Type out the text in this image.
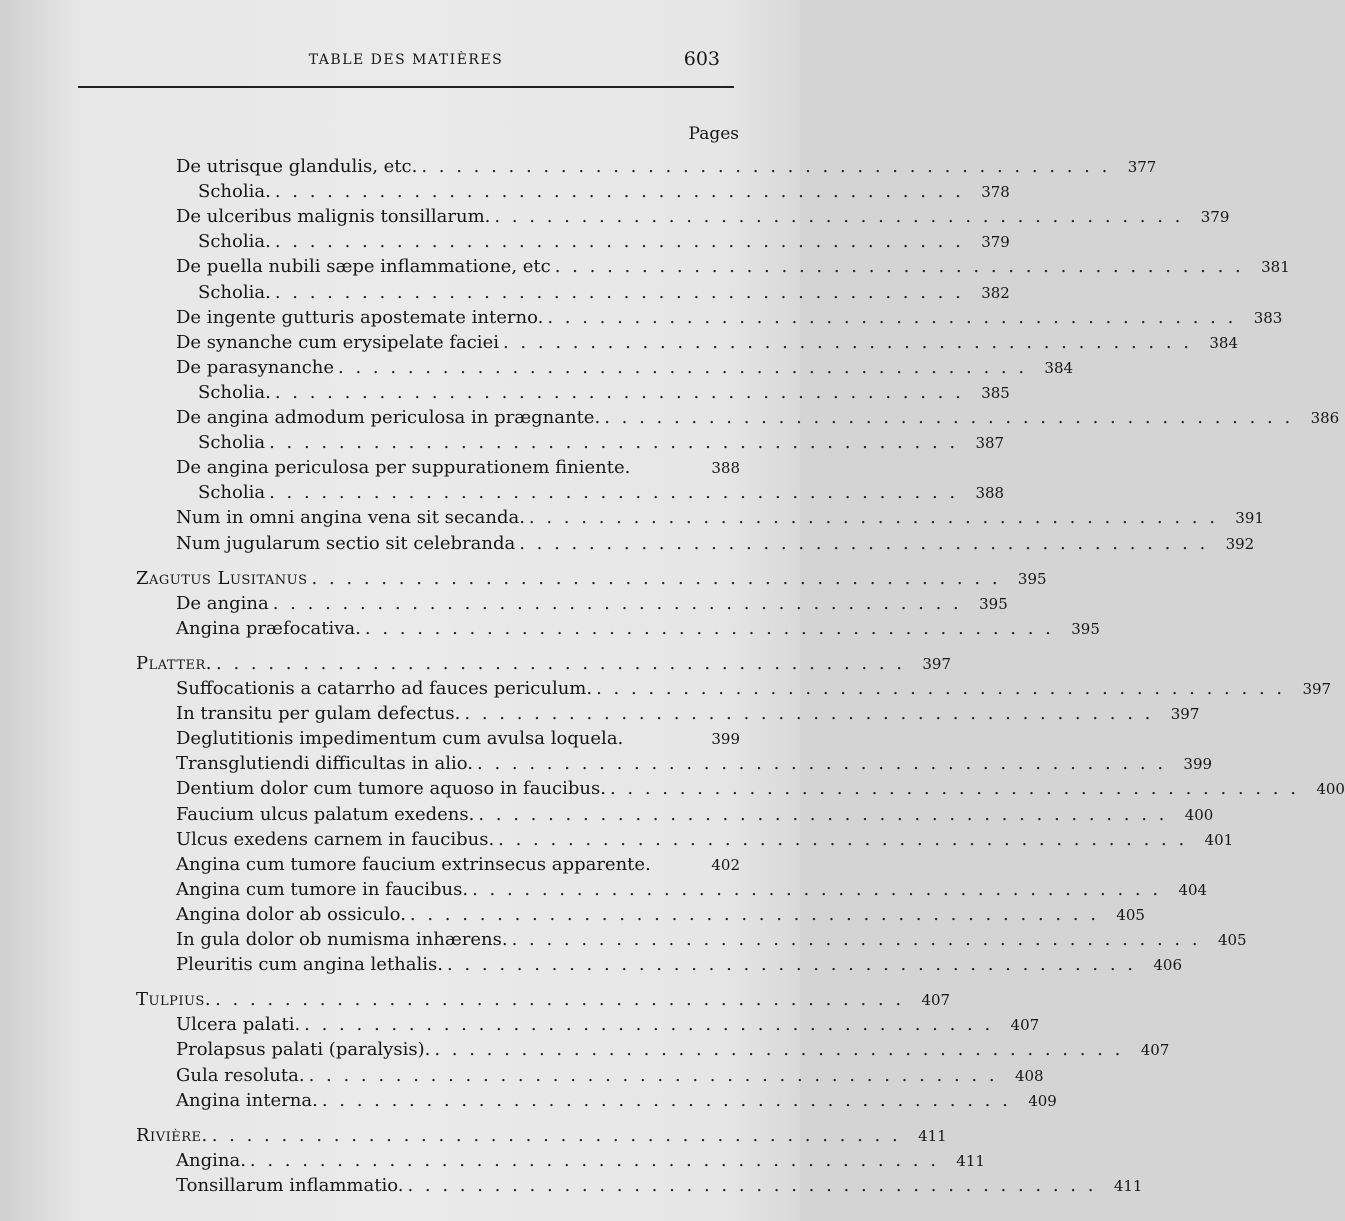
TABLE DES MATIÈRES	603
Pages
De utrisque glandulis, etc. . . . . . . . . . . . . . . . . . . . . . . . . . . . . . . . . . . . . . . . .	377
Scholia. . . . . . . . . . . . . . . . . . . . . . . . . . . . . . . . . . . . . . . . .	378
De ulceribus malignis tonsillarum. . . . . . . . . . . . . . . . . . . . . . . . . . . . . . . . . . . . . . . . .	379
Scholia. . . . . . . . . . . . . . . . . . . . . . . . . . . . . . . . . . . . . . . . .	379
De puella nubili sæpe inflammatione, etc . . . . . . . . . . . . . . . . . . . . . . . . . . . . . . . . . . . . . . . .	381
Scholia. . . . . . . . . . . . . . . . . . . . . . . . . . . . . . . . . . . . . . . . .	382
De ingente gutturis apostemate interno. . . . . . . . . . . . . . . . . . . . . . . . . . . . . . . . . . . . . . . . .	383
De synanche cum erysipelate faciei . . . . . . . . . . . . . . . . . . . . . . . . . . . . . . . . . . . . . . . .	384
De parasynanche . . . . . . . . . . . . . . . . . . . . . . . . . . . . . . . . . . . . . . . .	384
Scholia. . . . . . . . . . . . . . . . . . . . . . . . . . . . . . . . . . . . . . . . .	385
De angina admodum periculosa in prægnante. . . . . . . . . . . . . . . . . . . . . . . . . . . . . . . . . . . . . . . . .	386
Scholia . . . . . . . . . . . . . . . . . . . . . . . . . . . . . . . . . . . . . . . .	387
De angina periculosa per suppurationem finiente.	388
Scholia . . . . . . . . . . . . . . . . . . . . . . . . . . . . . . . . . . . . . . . .	388
Num in omni angina vena sit secanda. . . . . . . . . . . . . . . . . . . . . . . . . . . . . . . . . . . . . . . . .	391
Num jugularum sectio sit celebranda . . . . . . . . . . . . . . . . . . . . . . . . . . . . . . . . . . . . . . . .	392
Zagutus Lusitanus . . . . . . . . . . . . . . . . . . . . . . . . . . . . . . . . . . . . . . . .	395
De angina . . . . . . . . . . . . . . . . . . . . . . . . . . . . . . . . . . . . . . . .	395
Angina præfocativa. . . . . . . . . . . . . . . . . . . . . . . . . . . . . . . . . . . . . . . . .	395
Platter. . . . . . . . . . . . . . . . . . . . . . . . . . . . . . . . . . . . . . . . .	397
Suffocationis a catarrho ad fauces periculum. . . . . . . . . . . . . . . . . . . . . . . . . . . . . . . . . . . . . . . . .	397
In transitu per gulam defectus. . . . . . . . . . . . . . . . . . . . . . . . . . . . . . . . . . . . . . . . .	397
Deglutitionis impedimentum cum avulsa loquela.	399
Transglutiendi difficultas in alio. . . . . . . . . . . . . . . . . . . . . . . . . . . . . . . . . . . . . . . . .	399
Dentium dolor cum tumore aquoso in faucibus. . . . . . . . . . . . . . . . . . . . . . . . . . . . . . . . . . . . . . . . .	400
Faucium ulcus palatum exedens. . . . . . . . . . . . . . . . . . . . . . . . . . . . . . . . . . . . . . . . .	400
Ulcus exedens carnem in faucibus. . . . . . . . . . . . . . . . . . . . . . . . . . . . . . . . . . . . . . . . .	401
Angina cum tumore faucium extrinsecus apparente.	402
Angina cum tumore in faucibus. . . . . . . . . . . . . . . . . . . . . . . . . . . . . . . . . . . . . . . . .	404
Angina dolor ab ossiculo. . . . . . . . . . . . . . . . . . . . . . . . . . . . . . . . . . . . . . . . .	405
In gula dolor ob numisma inhærens. . . . . . . . . . . . . . . . . . . . . . . . . . . . . . . . . . . . . . . . .	405
Pleuritis cum angina lethalis. . . . . . . . . . . . . . . . . . . . . . . . . . . . . . . . . . . . . . . . .	406
Tulpius. . . . . . . . . . . . . . . . . . . . . . . . . . . . . . . . . . . . . . . . .	407
Ulcera palati. . . . . . . . . . . . . . . . . . . . . . . . . . . . . . . . . . . . . . . . .	407
Prolapsus palati (paralysis). . . . . . . . . . . . . . . . . . . . . . . . . . . . . . . . . . . . . . . . .	407
Gula resoluta. . . . . . . . . . . . . . . . . . . . . . . . . . . . . . . . . . . . . . . . .	408
Angina interna. . . . . . . . . . . . . . . . . . . . . . . . . . . . . . . . . . . . . . . . .	409
Rivière. . . . . . . . . . . . . . . . . . . . . . . . . . . . . . . . . . . . . . . . .	411
Angina. . . . . . . . . . . . . . . . . . . . . . . . . . . . . . . . . . . . . . . . .	411
Tonsillarum inflammatio. . . . . . . . . . . . . . . . . . . . . . . . . . . . . . . . . . . . . . . . .	411
